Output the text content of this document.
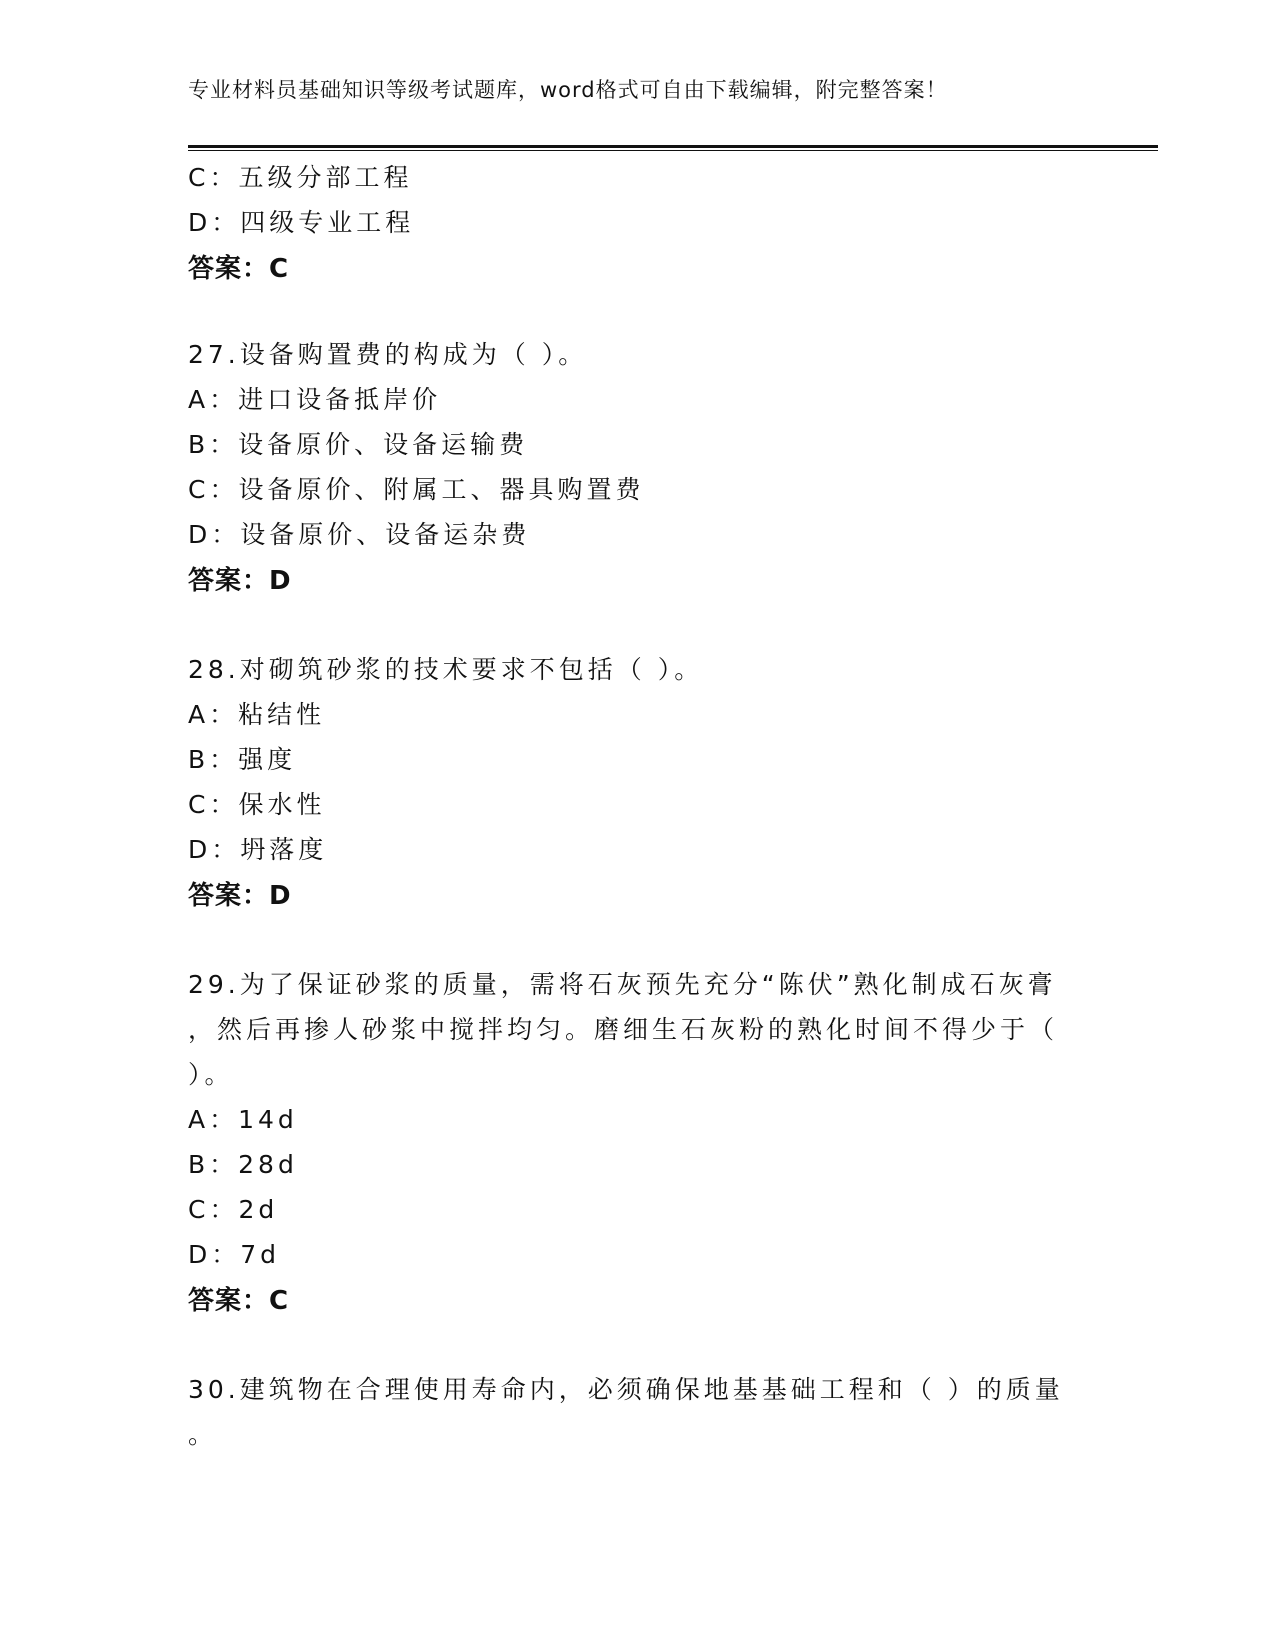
专业材料员基础知识等级考试题库，word格式可自由下载编辑，附完整答案！
C：五级分部工程
D：四级专业工程
答案：C
27.设备购置费的构成为（ ）。
A：进口设备抵岸价
B：设备原价、设备运输费
C：设备原价、附属工、器具购置费
D：设备原价、设备运杂费
答案：D
28.对砌筑砂浆的技术要求不包括（ ）。
A：粘结性
B：强度
C：保水性
D：坍落度
答案：D
29.为了保证砂浆的质量，需将石灰预先充分“陈伏”熟化制成石灰膏
，然后再掺人砂浆中搅拌均匀。磨细生石灰粉的熟化时间不得少于（
）。
A：14d
B：28d
C：2d
D：7d
答案：C
30.建筑物在合理使用寿命内，必须确保地基基础工程和（ ）的质量
。
